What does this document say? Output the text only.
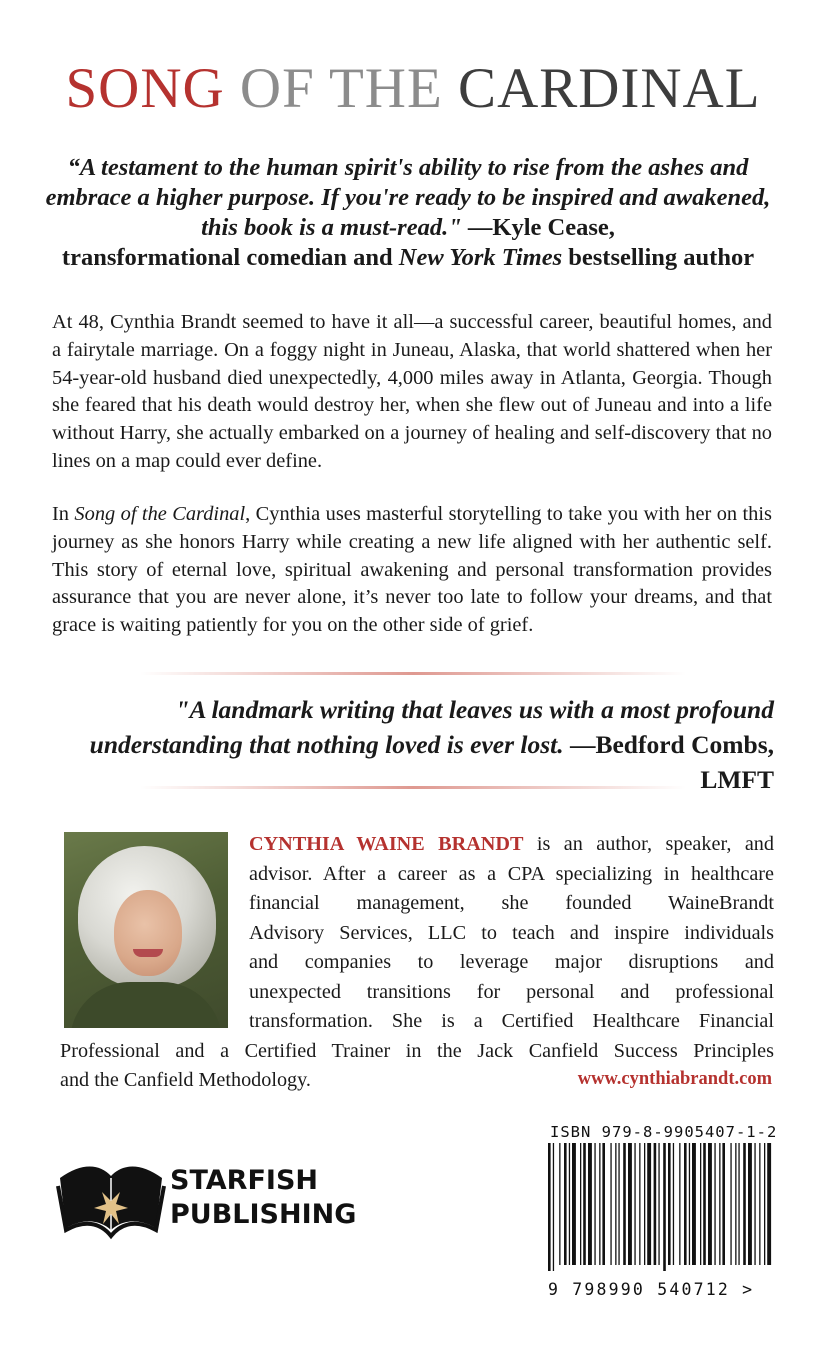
SONG OF THE CARDINAL
“A testament to the human spirit's ability to rise from the ashes and embrace a higher purpose. If you're ready to be inspired and awakened, this book is a must-read." —Kyle Cease,
transformational comedian and New York Times bestselling author

At 48, Cynthia Brandt seemed to have it all—a successful career, beautiful homes, and a fairytale marriage. On a foggy night in Juneau, Alaska, that world shattered when her 54-year-old husband died unexpectedly, 4,000 miles away in Atlanta, Georgia. Though she feared that his death would destroy her, when she flew out of Juneau and into a life without Harry, she actually embarked on a journey of healing and self-discovery that no lines on a map could ever define.

In Song of the Cardinal, Cynthia uses masterful storytelling to take you with her on this journey as she honors Harry while creating a new life aligned with her authentic self. This story of eternal love, spiritual awakening and personal transformation provides assurance that you are never alone, it’s never too late to follow your dreams, and that grace is waiting patiently for you on the other side of grief.

"A landmark writing that leaves us with a most profound understanding that nothing loved is ever lost. —Bedford Combs, LMFT

CYNTHIA WAINE BRANDT is an author, speaker, and

advisor. After a career as a CPA specializing in healthcare

financial management, she founded WaineBrandt

Advisory Services, LLC to teach and inspire individuals

and companies to leverage major disruptions and

unexpected transitions for personal and professional

transformation. She is a Certified Healthcare Financial

Professional and a Certified Trainer in the Jack Canfield Success Principles

and the Canfield Methodology.	www.cynthiabrandt.com

STARFISH
PUBLISHING

ISBN 979-8-9905407-1-2

9 798990 540712 >
